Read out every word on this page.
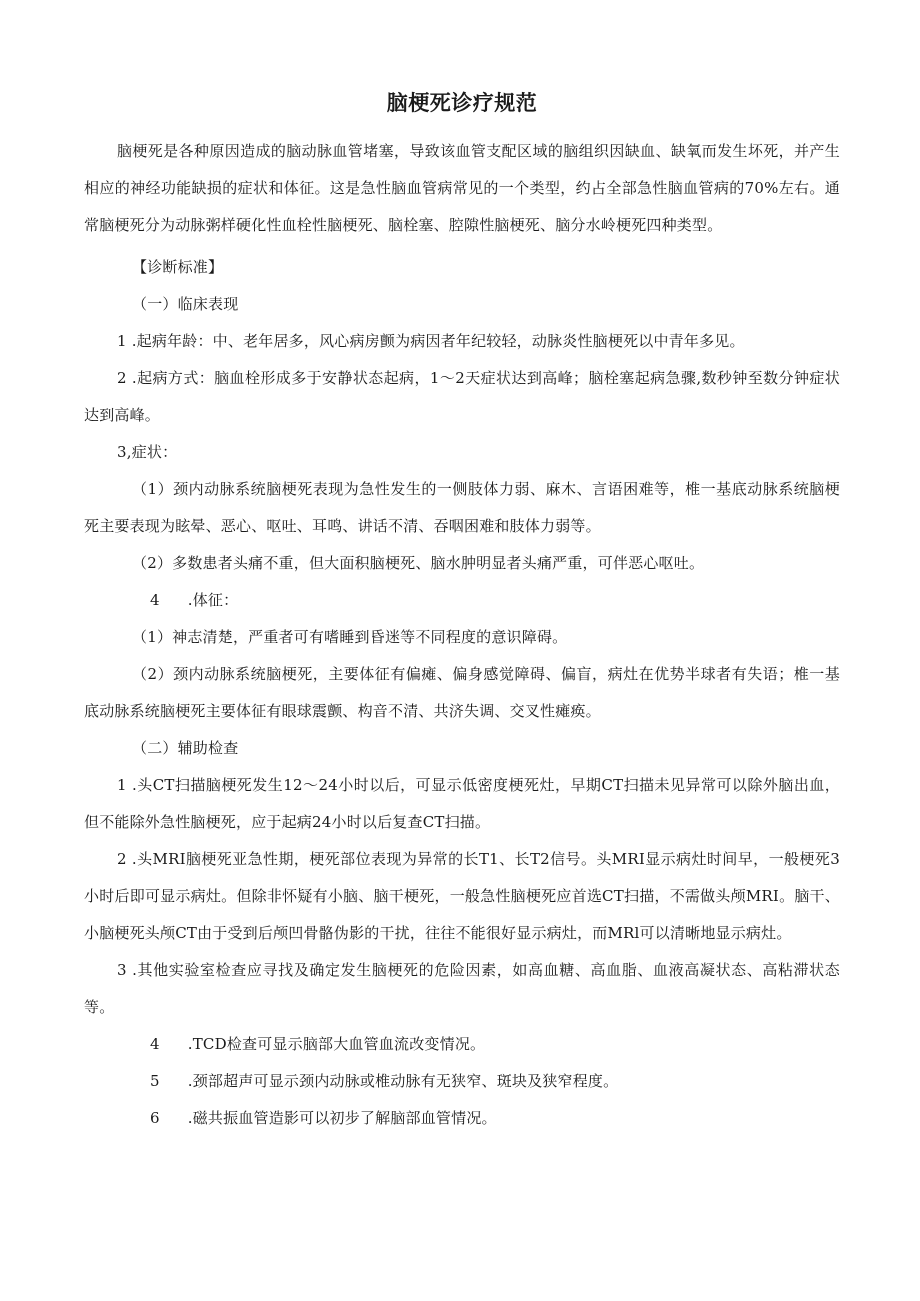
脑梗死诊疗规范

脑梗死是各种原因造成的脑动脉血管堵塞，导致该血管支配区域的脑组织因缺血、缺氧而发生坏死，并产生相应的神经功能缺损的症状和体征。这是急性脑血管病常见的一个类型，约占全部急性脑血管病的70%左右。通常脑梗死分为动脉粥样硬化性血栓性脑梗死、脑栓塞、腔隙性脑梗死、脑分水岭梗死四种类型。

【诊断标准】

（一）临床表现

1 .起病年龄：中、老年居多，风心病房颤为病因者年纪较轻，动脉炎性脑梗死以中青年多见。

2 .起病方式：脑血栓形成多于安静状态起病，1～2天症状达到高峰；脑栓塞起病急骤,数秒钟至数分钟症状达到高峰。

3,症状：

（1）颈内动脉系统脑梗死表现为急性发生的一侧肢体力弱、麻木、言语困难等，椎一基底动脉系统脑梗死主要表现为眩晕、恶心、呕吐、耳鸣、讲话不清、吞咽困难和肢体力弱等。

（2）多数患者头痛不重，但大面积脑梗死、脑水肿明显者头痛严重，可伴恶心呕吐。

4 .体征：

（1）神志清楚，严重者可有嗜睡到昏迷等不同程度的意识障碍。

（2）颈内动脉系统脑梗死，主要体征有偏瘫、偏身感觉障碍、偏盲，病灶在优势半球者有失语；椎一基底动脉系统脑梗死主要体征有眼球震颤、构音不清、共济失调、交叉性瘫痪。

（二）辅助检查

1 .头CT扫描脑梗死发生12～24小时以后，可显示低密度梗死灶，早期CT扫描未见异常可以除外脑出血，但不能除外急性脑梗死，应于起病24小时以后复查CT扫描。

2 .头MRI脑梗死亚急性期，梗死部位表现为异常的长T1、长T2信号。头MRI显示病灶时间早，一般梗死3小时后即可显示病灶。但除非怀疑有小脑、脑干梗死，一般急性脑梗死应首选CT扫描，不需做头颅MRI。脑干、小脑梗死头颅CT由于受到后颅凹骨骼伪影的干扰，往往不能很好显示病灶，而MRl可以清晰地显示病灶。

3 .其他实验室检查应寻找及确定发生脑梗死的危险因素，如高血糖、高血脂、血液高凝状态、高粘滞状态等。

4 .TCD检查可显示脑部大血管血流改变情况。

5 .颈部超声可显示颈内动脉或椎动脉有无狭窄、斑块及狭窄程度。

6 .磁共振血管造影可以初步了解脑部血管情况。
